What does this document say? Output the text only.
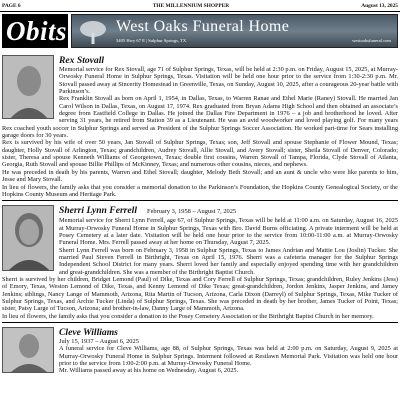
PAGE 6	THE MILLENNIUM SHOPPER	August 13, 2025
Obits	West Oaks Funeral Home
3405 Hwy 67 E | Sulphur Springs, TX	westoaksfuneral.com
Rex Stovall

Memorial service for Rex Stovall, age 71 of Sulphur Springs, Texas, will be held at 2:30 p.m. on Friday, August 15, 2025, at Murray-Orwosky Funeral Home in Sulphur Springs, Texas. Visitation will be held one hour prior to the service from 1:30-2:30 p.m. Mr. Stovall passed away at Sincerity Homestead in Greenville, Texas, on Sunday, August 10, 2025, after a courageous 20-year battle with Parkinson’s.

Rex Franklin Stovall as born on April 1, 1954, in Dallas, Texas, to Warren Ranae and Ethel Marie (Raney) Stovall. He married Jan Carol Wilson in Dallas, Texas, on August 17, 1974. Rex graduated from Bryan Adams High School and then obtained an associate’s degree from Eastfield College in Dallas. He joined the Dallas Fire Department in 1976 – a job and brotherhood he loved. After serving 31 years, he retired from Station 39 as a Lieutenant. He was an avid woodworker and loved playing golf. For many years Rex coached youth soccer in Sulphur Springs and served as President of the Sulphur Springs Soccer Association. He worked part-time for Sears installing garage doors for 30 years.

Rex is survived by his wife of over 50 years, Jan Stovall of Sulphur Springs, Texas; son, Jeff Stovall and spouse Stephanie of Flower Mound, Texas; daughter, Holly Stovall of Arlington, Texas; grandchildren, Audrey Stovall, Allie Stovall, and Avery Stovall; sister, Sheila Stovall of Denver, Colorado; sister, Theresa and spouse Kenneth Williams of Georgetown, Texas; double first cousins, Warren Stovall of Tampa, Florida, Clyde Stovall of Atlanta, Georgia, Ruth Stovall and spouse Billie Phillips of McKinney, Texas; and numerous other cousins, nieces, and nephews.

He was preceded in death by his parents, Warren and Ethel Stovall; daughter, Melody Beth Stovall; and an aunt & uncle who were like parents to him, Jesse and Mary Stovall.

In lieu of flowers, the family asks that you consider a memorial donation to the Parkinson’s Foundation, the Hopkins County Genealogical Society, or the Hopkins County Museum and Heritage Park.

Sherri Lynn Ferrell February 3, 1958 – August 7, 2025

Memorial service for Sherri Lynn Ferrell, age 67, of Sulphur Springs, Texas will be held at 11:00 a.m. on Saturday, August 16, 2025 at Murray-Orwosky Funeral Home in Sulphur Springs, Texas with Bro. David Burns officiating. A private interment will be held at Posey Cemetery at a later date. Visitation will be held one hour prior to the service from 10:00-11:00 a.m. at Murray-Orwosky Funeral Home. Mrs. Ferrell passed away at her home on Thursday, August 7, 2025.

Sherri Lynn Ferrell was born on February 3, 1958 in Sulphur Springs, Texas to James Andrian and Mattie Lou (Joslin) Tucker. She married Paul Steven Ferrell in Birthright, Texas on April 15, 1976. Sherri was a cafeteria manager for the Sulphur Springs Independent School District for many years. Sherri loved her family and especially enjoyed spending time with her grandchildren and great-grandchildren. She was a member of the Birthright Baptist Church.

Sherri is survived by her children, Bridget Lemond (Paul) of Dike, Texas and Cory Ferrell of Sulphur Springs, Texas; grandchildren, Ruley Jenkins (Jess) of Emory, Texas, Weston Lemond of Dike, Texas, and Kenny Lemond of Dike Texas; great-grandchildren, Jordon Jenkins, Jasper Jenkins, and Jamey Jenkins; siblings, Nancy Lange of Mammoth, Arizona, Rita Martin of Tucson, Arizona, Carla Dixon (Darreyl) of Sulphur Springs, Texas, Mike Tucker of Sulphur Springs, Texas, and Archie Tucker (Linda) of Sulphur Springs, Texas. She was preceded in death by her brother, James Tucker of Point, Texas; sister, Patsy Large of Tucson, Arizona; and brother-in-law, Danny Large of Mammoth, Arizona.

In lieu of flowers, the family asks that you consider a donation to the Posey Cemetery Association or the Birthright Baptist Church in her memory.

Cleve Williams

July 15, 1937 – August 6, 2025

A funeral service for Cleve Williams, age 88, of Sulphur Springs, Texas was held at 2:00 p.m. on Saturday, August 9, 2025 at Murray-Orwosky Funeral Home in Sulphur Springs. Interment followed at Restlawn Memorial Park. Visitation was held one hour prior to the service from 1:00-2:00 p.m. at Murray-Orwosky Funeral Home.

Mr. Williams passed away at his home on Wednesday, August 6, 2025.
